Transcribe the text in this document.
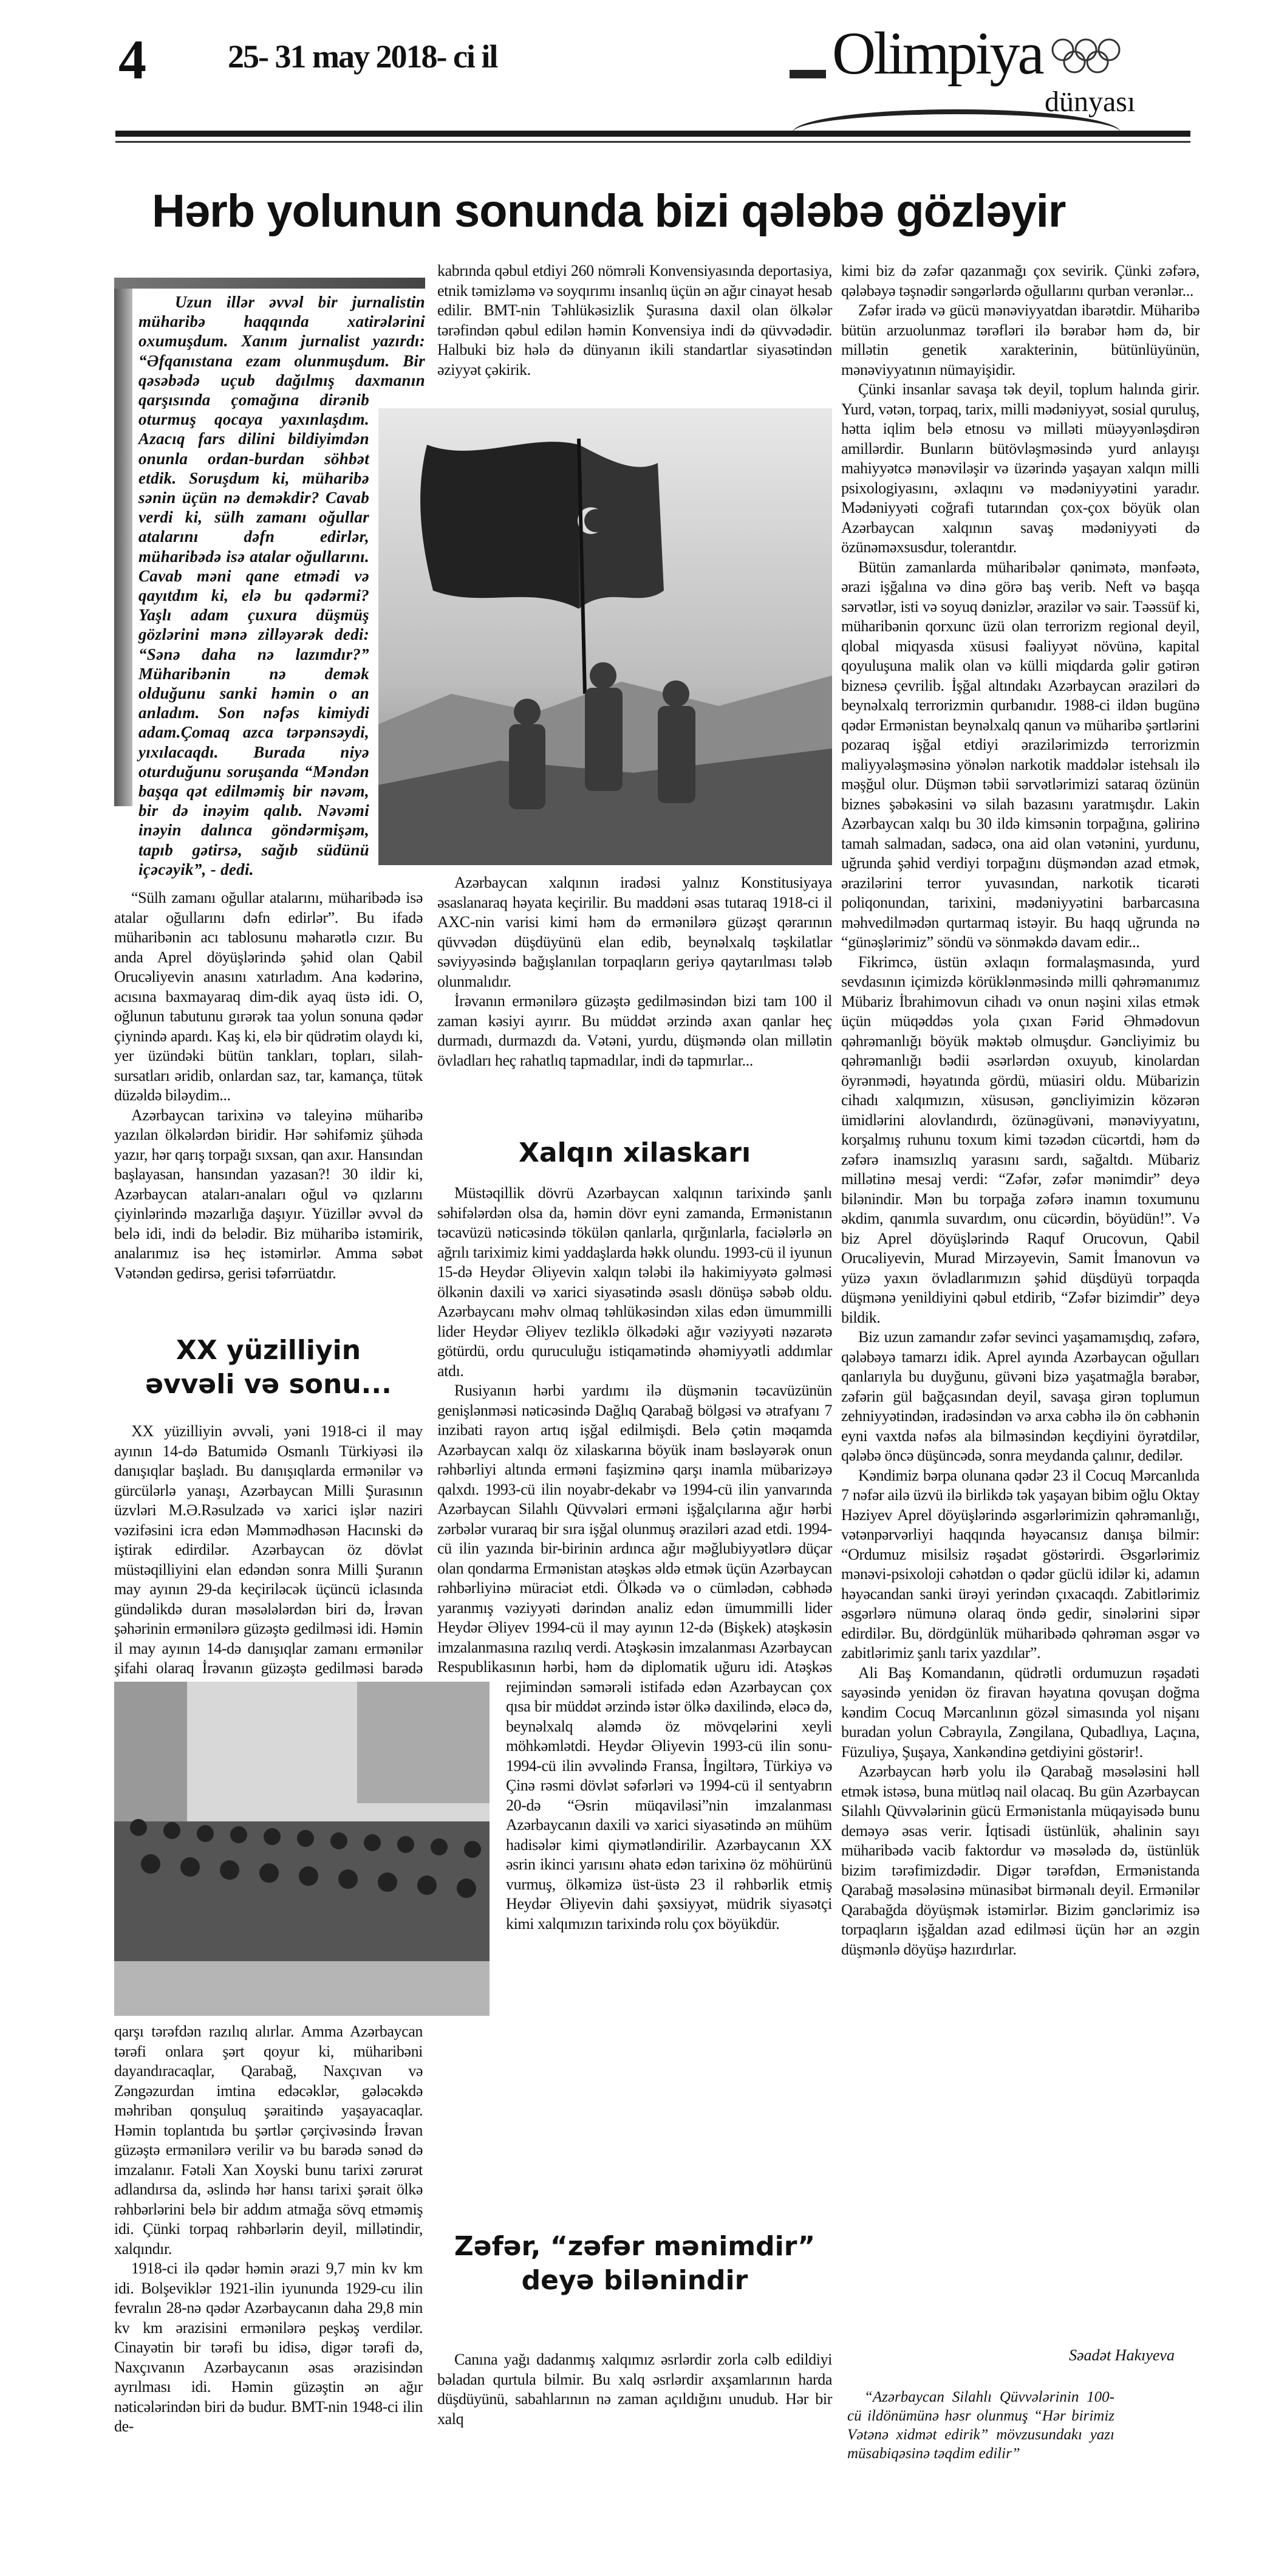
4 25- 31 may 2018- ci il	Olimpiya
dünyası
Hərb yolunun sonunda bizi qələbə gözləyir

Uzun illər əvvəl bir jurnalistin müharibə haqqında xatirələrini oxumuşdum. Xanım jurnalist yazırdı: “Əfqanıstana ezam olunmuşdum. Bir qəsəbədə uçub dağılmış daxmanın qarşısında çomağına dirənib oturmuş qocaya yaxınlaşdım. Azacıq fars dilini bildiyimdən onunla ordan-burdan söhbət etdik. Soruşdum ki, müharibə sənin üçün nə deməkdir? Cavab verdi ki, sülh zamanı oğullar atalarını dəfn edirlər, müharibədə isə atalar oğullarını. Cavab məni qane etmədi və qayıtdım ki, elə bu qədərmi? Yaşlı adam çuxura düşmüş gözlərini mənə zilləyərək dedi: “Sənə daha nə lazımdır?” Müharibənin nə demək olduğunu sanki həmin o an anladım. Son nəfəs kimiydi adam.Çomaq azca tərpənsəydi, yıxılacaqdı. Burada niyə oturduğunu soruşanda “Məndən başqa qət edilməmiş bir nəvəm, bir də inəyim qalıb. Nəvəmi inəyin dalınca göndərmişəm, tapıb gətirsə, sağıb südünü içəcəyik”, - dedi.

kabrında qəbul etdiyi 260 nömrəli Konvensiyasında deportasiya, etnik təmizləmə və soyqırımı insanlıq üçün ən ağır cinayət hesab edilir. BMT-nin Təhlükəsizlik Şurasına daxil olan ölkələr tərəfindən qəbul edilən həmin Konvensiya indi də qüvvədədir. Halbuki biz hələ də dünyanın ikili standartlar siyasətindən əziyyət çəkirik.

“Sülh zamanı oğullar atalarını, müharibədə isə atalar oğullarını dəfn edirlər”. Bu ifadə müharibənin acı tablosunu məharətlə cızır. Bu anda Aprel döyüşlərində şəhid olan Qabil Orucəliyevin anasını xatırladım. Ana kədərinə, acısına baxmayaraq dim-dik ayaq üstə idi. O, oğlunun tabutunu gırərək taa yolun sonuna qədər çiynində apardı. Kaş ki, elə bir qüdrətim olaydı ki, yer üzündəki bütün tankları, topları, silah-sursatları əridib, onlardan saz, tar, kamança, tütək düzəldə biləydim...

Azərbaycan tarixinə və taleyinə müharibə yazılan ölkələrdən biridir. Hər səhifəmiz şühəda yazır, hər qarış torpağı sıxsan, qan axır. Hansından başlayasan, hansından yazasan?! 30 ildir ki, Azərbaycan ataları-anaları oğul və qızlarını çiyinlərində məzarlığa daşıyır. Yüzillər əvvəl də belə idi, indi də belədir. Biz müharibə istəmirik, analarımız isə heç istəmirlər. Amma səbət Vətəndən gedirsə, gerisi təfərrüatdır.

XX yüzilliyin
əvvəli və sonu...

XX yüzilliyin əvvəli, yəni 1918-ci il may ayının 14-də Batumidə Osmanlı Türkiyəsi ilə danışıqlar başladı. Bu danışıqlarda ermənilər və gürcülərlə yanaşı, Azərbaycan Milli Şurasının üzvləri M.Ə.Rəsulzadə və xarici işlər naziri vəzifəsini icra edən Məmmədhəsən Hacınski də iştirak edirdilər. Azərbaycan öz dövlət müstəqilliyini elan edəndən sonra Milli Şuranın may ayının 29-da keçiriləcək üçüncü iclasında gündəlikdə duran məsələlərdən biri də, İrəvan şəhərinin ermənilərə güzəştə gedilməsi idi. Həmin il may ayının 14-də danışıqlar zamanı ermənilər şifahi olaraq İrəvanın güzəştə gedilməsi barədə qarşı tərəfdən razılıq alırlar. Amma Azərbaycan tərəfi onlara şərt qoyur ki, müharibəni dayandıracaqlar, Qarabağ, Naxçıvan və Zəngəzurdan imtina edəcəklər, gələcəkdə məhriban qonşuluq şəraitində yaşayacaqlar. Həmin toplantıda bu şərtlər çərçivəsində İrəvan güzəştə ermənilərə verilir və bu barədə sənəd də imzalanır. Fətəli Xan Xoyski bunu tarixi zərurət adlandırsa da, əslində hər hansı tarixi şərait ölkə rəhbərlərini belə bir addım atmağa sövq etməmiş idi. Çünki torpaq rəhbərlərin deyil, millətindir, xalqındır.

1918-ci ilə qədər həmin ərazi 9,7 min kv km idi. Bolşeviklər 1921-ilin iyununda 1929-cu ilin fevralın 28-nə qədər Azərbaycanın daha 29,8 min kv km ərazisini ermənilərə peşkəş verdilər. Cinayətin bir tərəfi bu idisə, digər tərəfi də, Naxçıvanın Azərbaycanın əsas ərazisindən ayrılması idi. Həmin güzəştin ən ağır nəticələrindən biri də budur. BMT-nin 1948-ci ilin de-

Azərbaycan xalqının iradəsi yalnız Konstitusiyaya əsaslanaraq həyata keçirilir. Bu maddəni əsas tutaraq 1918-ci il AXC-nin varisi kimi həm də ermənilərə güzəşt qərarının qüvvədən düşdüyünü elan edib, beynəlxalq təşkilatlar səviyyəsində bağışlanılan torpaqların geriyə qaytarılması tələb olunmalıdır.

İrəvanın ermənilərə güzəştə gedilməsindən bizi tam 100 il zaman kəsiyi ayırır. Bu müddət ərzində axan qanlar heç durmadı, durmazdı da. Vətəni, yurdu, düşməndə olan millətin övladları heç rahatlıq tapmadılar, indi də tapmırlar...

Xalqın xilaskarı

Müstəqillik dövrü Azərbaycan xalqının tarixində şanlı səhifələrdən olsa da, həmin dövr eyni zamanda, Ermənistanın təcavüzü nəticəsində tökülən qanlarla, qırğınlarla, faciələrlə ən ağrılı tariximiz kimi yaddaşlarda həkk olundu. 1993-cü il iyunun 15-də Heydər Əliyevin xalqın tələbi ilə hakimiyyətə gəlməsi ölkənin daxili və xarici siyasətində əsaslı dönüşə səbəb oldu. Azərbaycanı məhv olmaq təhlükəsindən xilas edən ümummilli lider Heydər Əliyev tezliklə ölkədəki ağır vəziyyəti nəzarətə götürdü, ordu quruculuğu istiqamətində əhəmiyyətli addımlar atdı.

Rusiyanın hərbi yardımı ilə düşmənin təcavüzünün genişlənməsi nəticəsində Dağlıq Qarabağ bölgəsi və ətrafyanı 7 inzibati rayon artıq işğal edilmişdi. Belə çətin məqamda Azərbaycan xalqı öz xilaskarına böyük inam bəsləyərək onun rəhbərliyi altında erməni faşizminə qarşı inamla mübarizəyə qalxdı. 1993-cü ilin noyabr-dekabr və 1994-cü ilin yanvarında Azərbaycan Silahlı Qüvvələri erməni işğalçılarına ağır hərbi zərbələr vuraraq bir sıra işğal olunmuş əraziləri azad etdi. 1994-cü ilin yazında bir-birinin ardınca ağır məğlubiyyətlərə düçar olan qondarma Ermənistan atəşkəs əldə etmək üçün Azərbaycan rəhbərliyinə müraciət etdi. Ölkədə və o cümlədən, cəbhədə yaranmış vəziyyəti dərindən analiz edən ümummilli lider Heydər Əliyev 1994-cü il may ayının 12-də (Bişkek) atəşkəsin imzalanmasına razılıq verdi. Atəşkəsin imzalanması Azərbaycan Respublikasının hərbi, həm də diplomatik uğuru idi. Atəşkəs rejimindən səmərəli istifadə edən Azərbaycan çox qısa bir müddət ərzində istər ölkə daxilində, eləcə də, beynəlxalq aləmdə öz mövqelərini xeyli möhkəmlətdi. Heydər Əliyevin 1993-cü ilin sonu-1994-cü ilin əvvəlində Fransa, İngiltərə, Türkiyə və Çinə rəsmi dövlət səfərləri və 1994-cü il sentyabrın 20-də “Əsrin müqaviləsi”nin imzalanması Azərbaycanın daxili və xarici siyasətində ən mühüm hadisələr kimi qiymətləndirilir. Azərbaycanın XX əsrin ikinci yarısını əhatə edən tarixinə öz möhürünü vurmuş, ölkəmizə üst-üstə 23 il rəhbərlik etmiş Heydər Əliyevin dahi şəxsiyyət, müdrik siyasətçi kimi xalqımızın tarixində rolu çox böyükdür.

Zəfər, “zəfər mənimdir”
deyə bilənindir

Canına yağı dadanmış xalqımız əsrlərdir zorla cəlb edildiyi bəladan qurtula bilmir. Bu xalq əsrlərdir axşamlarının harda düşdüyünü, sabahlarının nə zaman açıldığını unudub. Hər bir xalq

kimi biz də zəfər qazanmağı çox sevirik. Çünki zəfərə, qələbəyə təşnədir səngərlərdə oğullarını qurban verənlər...

Zəfər iradə və gücü mənəviyyatdan ibarətdir. Müharibə bütün arzuolunmaz tərəfləri ilə bərabər həm də, bir millətin genetik xarakterinin, bütünlüyünün, mənəviyyatının nümayişidir.

Çünki insanlar savaşa tək deyil, toplum halında girir. Yurd, vətən, torpaq, tarix, milli mədəniyyət, sosial quruluş, hətta iqlim belə etnosu və milləti müəyyənləşdirən amillərdir. Bunların bütövləşməsində yurd anlayışı mahiyyətcə mənəviləşir və üzərində yaşayan xalqın milli psixologiyasını, əxlaqını və mədəniyyətini yaradır. Mədəniyyəti coğrafi tutarından çox-çox böyük olan Azərbaycan xalqının savaş mədəniyyəti də özünəməxsusdur, tolerantdır.

Bütün zamanlarda müharibələr qənimətə, mənfəətə, ərazi işğalına və dinə görə baş verib. Neft və başqa sərvətlər, isti və soyuq dənizlər, ərazilər və sair. Təəssüf ki, müharibənin qorxunc üzü olan terrorizm regional deyil, qlobal miqyasda xüsusi fəaliyyət növünə, kapital qoyuluşuna malik olan və külli miqdarda gəlir gətirən biznesə çevrilib. İşğal altındakı Azərbaycan əraziləri də beynəlxalq terrorizmin qurbanıdır. 1988-ci ildən bugünə qədər Ermənistan beynəlxalq qanun və müharibə şərtlərini pozaraq işğal etdiyi ərazilərimizdə terrorizmin maliyyələşməsinə yönələn narkotik maddələr istehsalı ilə məşğul olur. Düşmən təbii sərvətlərimizi sataraq özünün biznes şəbəkəsini və silah bazasını yaratmışdır. Lakin Azərbaycan xalqı bu 30 ildə kimsənin torpağına, gəlirinə tamah salmadan, sadəcə, ona aid olan vətənini, yurdunu, uğrunda şəhid verdiyi torpağını düşməndən azad etmək, ərazilərini terror yuvasından, narkotik ticarəti poliqonundan, tarixini, mədəniyyətini barbarcasına məhvedilmədən qurtarmaq istəyir. Bu haqq uğrunda nə “günəşlərimiz” söndü və sönməkdə davam edir...

Fikrimcə, üstün əxlaqın formalaşmasında, yurd sevdasının içimizdə körüklənməsində milli qəhrəmanımız Mübariz İbrahimovun cihadı və onun nəşini xilas etmək üçün müqəddəs yola çıxan Fərid Əhmədovun qəhrəmanlığı böyük məktəb olmuşdur. Gəncliyimiz bu qəhrəmanlığı bədii əsərlərdən oxuyub, kinolardan öyrənmədi, həyatında gördü, müasiri oldu. Mübarizin cihadı xalqımızın, xüsusən, gəncliyimizin közərən ümidlərini alovlandırdı, özünəgüvəni, mənəviyyatını, korşalmış ruhunu toxum kimi təzədən cücərtdi, həm də zəfərə inamsızlıq yarasını sardı, sağaltdı. Mübariz millətinə mesaj verdi: “Zəfər, zəfər mənimdir” deyə bilənindir. Mən bu torpağa zəfərə inamın toxumunu əkdim, qanımla suvardım, onu cücərdin, böyüdün!”. Və biz Aprel döyüşlərində Raquf Orucovun, Qabil Orucəliyevin, Murad Mirzəyevin, Samit İmanovun və yüzə yaxın övladlarımızın şəhid düşdüyü torpaqda düşmənə yenildiyini qəbul etdirib, “Zəfər bizimdir” deyə bildik.

Biz uzun zamandır zəfər sevinci yaşamamışdıq, zəfərə, qələbəyə tamarzı idik. Aprel ayında Azərbaycan oğulları qanlarıyla bu duyğunu, güvəni bizə yaşatmağla bərabər, zəfərin gül bağçasından deyil, savaşa girən toplumun zehniyyətindən, iradəsindən və arxa cəbhə ilə ön cəbhənin eyni vaxtda nəfəs ala bilməsindən keçdiyini öyrətdilər, qələbə öncə düşüncədə, sonra meydanda çalınır, dedilər.

Kəndimiz bərpa olunana qədər 23 il Cocuq Mərcanlıda 7 nəfər ailə üzvü ilə birlikdə tək yaşayan bibim oğlu Oktay Həziyev Aprel döyüşlərində əsgərlərimizin qəhrəmanlığı, vətənpərvərliyi haqqında həyəcansız danışa bilmir: “Ordumuz misilsiz rəşadət göstərirdi. Əsgərlərimiz mənəvi-psixoloji cəhətdən o qədər güclü idilər ki, adamın həyəcandan sanki ürəyi yerindən çıxacaqdı. Zabitlərimiz əsgərlərə nümunə olaraq öndə gedir, sinələrini sipər edirdilər. Bu, dördgünlük müharibədə qəhrəman əsgər və zabitlərimiz şanlı tarix yazdılar”.

Ali Baş Komandanın, qüdrətli ordumuzun rəşadəti sayəsində yenidən öz firavan həyatına qovuşan doğma kəndim Cocuq Mərcanlının gözəl simasında yol nişanı buradan yolun Cəbrayıla, Zəngilana, Qubadlıya, Laçına, Füzuliyə, Şuşaya, Xankəndinə getdiyini göstərir!.

Azərbaycan hərb yolu ilə Qarabağ məsələsini həll etmək istəsə, buna mütləq nail olacaq. Bu gün Azərbaycan Silahlı Qüvvələrinin gücü Ermənistanla müqayisədə bunu deməyə əsas verir. İqtisadi üstünlük, əhalinin sayı müharibədə vacib faktordur və məsələdə də, üstünlük bizim tərəfimizdədir. Digər tərəfdən, Ermənistanda Qarabağ məsələsinə münasibət birmənalı deyil. Ermənilər Qarabağda döyüşmək istəmirlər. Bizim gənclərimiz isə torpaqların işğaldan azad edilməsi üçün hər an əzgin düşmənlə döyüşə hazırdırlar.

Səadət Hakıyeva
“Azərbaycan Silahlı Qüvvələrinin 100-cü ildönümünə həsr olunmuş “Hər birimiz Vətənə xidmət edirik” mövzusundakı yazı müsabiqəsinə təqdim edilir”
